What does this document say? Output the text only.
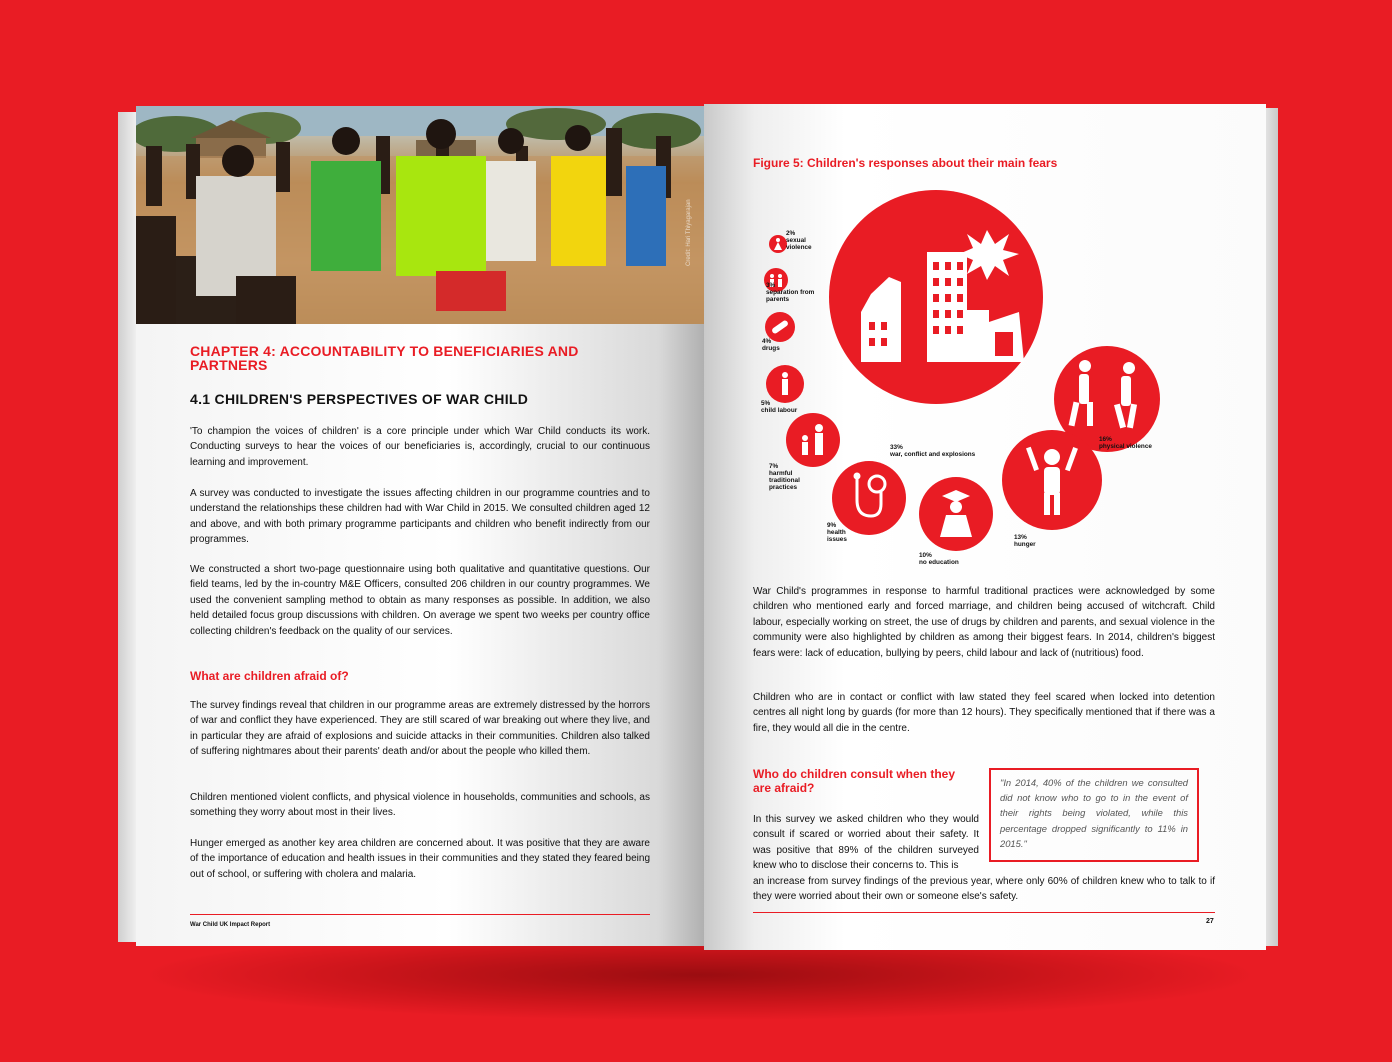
Credit: Hari Thiyagarajan
CHAPTER 4: ACCOUNTABILITY TO BENEFICIARIES AND PARTNERS
4.1 CHILDREN'S PERSPECTIVES OF WAR CHILD

'To champion the voices of children' is a core principle under which War Child conducts its work. Conducting surveys to hear the voices of our beneficiaries is, accordingly, crucial to our continuous learning and improvement.

A survey was conducted to investigate the issues affecting children in our programme countries and to understand the relationships these children had with War Child in 2015. We consulted children aged 12 and above, and with both primary programme participants and children who benefit indirectly from our programmes.

We constructed a short two-page questionnaire using both qualitative and quantitative questions. Our field teams, led by the in-country M&E Officers, consulted 206 children in our country programmes. We used the convenient sampling method to obtain as many responses as possible. In addition, we also held detailed focus group discussions with children. On average we spent two weeks per country office collecting children's feedback on the quality of our services.

What are children afraid of?

The survey findings reveal that children in our programme areas are extremely distressed by the horrors of war and conflict they have experienced. They are still scared of war breaking out where they live, and in particular they are afraid of explosions and suicide attacks in their communities. Children also talked of suffering nightmares about their parents' death and/or about the people who killed them.

Children mentioned violent conflicts, and physical violence in households, communities and schools, as something they worry about most in their lives.

Hunger emerged as another key area children are concerned about. It was positive that they are aware of the importance of education and health issues in their communities and they stated they feared being out of school, or suffering with cholera and malaria.

War Child UK Impact Report
Figure 5: Children's responses about their main fears
33%
war, conflict and explosions
16%
physical violence
13%
hunger
10%
no education
9%
health issues
7%
harmful traditional practices
5%
child labour
4%
drugs
3%
separation from parents
2%
sexual violence

War Child's programmes in response to harmful traditional practices were acknowledged by some children who mentioned early and forced marriage, and children being accused of witchcraft. Child labour, especially working on street, the use of drugs by children and parents, and sexual violence in the community were also highlighted by children as among their biggest fears. In 2014, children's biggest fears were: lack of education, bullying by peers, child labour and lack of (nutritious) food.

Children who are in contact or conflict with law stated they feel scared when locked into detention centres all night long by guards (for more than 12 hours). They specifically mentioned that if there was a fire, they would all die in the centre.

Who do children consult when they are afraid?

In this survey we asked children who they would consult if scared or worried about their safety. It was positive that 89% of the children surveyed knew who to disclose their concerns to. This is

an increase from survey findings of the previous year, where only 60% of children knew who to talk to if they were worried about their own or someone else's safety.

"In 2014, 40% of the children we consulted did not know who to go to in the event of their rights being violated, while this percentage dropped significantly to 11% in 2015."
27
